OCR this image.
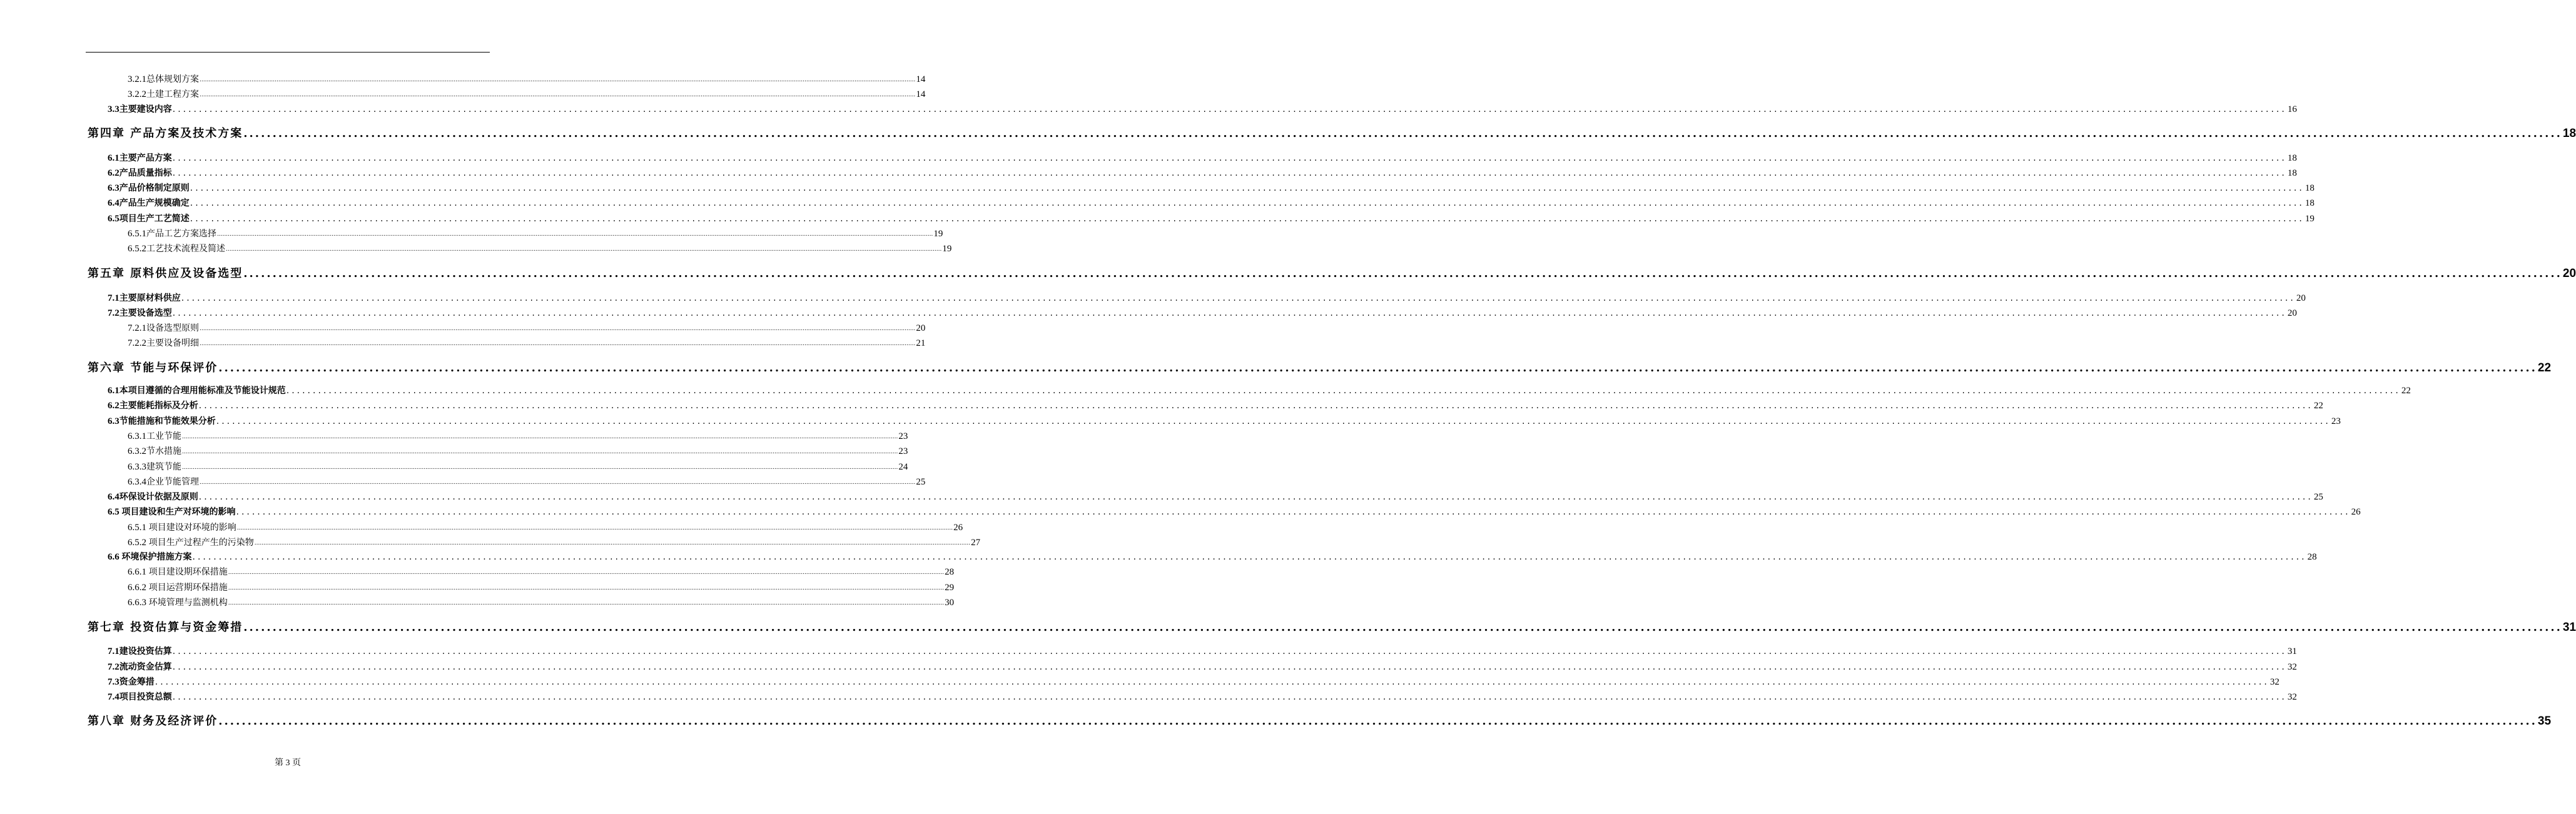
3.2.1总体规划方案 ................................................................................................................................................................................................................................................................................................................................................................................................................ 14
3.2.2土建工程方案 ................................................................................................................................................................................................................................................................................................................................................................................................................ 14
3.3主要建设内容 ................................................................................................................................................................................................................................................................................................................................................................................................................ 16
第四章 产品方案及技术方案 ................................................................................................................................................................................................................................................................................................................................................................................................................ 18
6.1主要产品方案 ................................................................................................................................................................................................................................................................................................................................................................................................................ 18
6.2产品质量指标 ................................................................................................................................................................................................................................................................................................................................................................................................................ 18
6.3产品价格制定原则 ................................................................................................................................................................................................................................................................................................................................................................................................................ 18
6.4产品生产规模确定 ................................................................................................................................................................................................................................................................................................................................................................................................................ 18
6.5项目生产工艺简述 ................................................................................................................................................................................................................................................................................................................................................................................................................ 19
6.5.1产品工艺方案选择 ................................................................................................................................................................................................................................................................................................................................................................................................................ 19
6.5.2工艺技术流程及简述 ................................................................................................................................................................................................................................................................................................................................................................................................................ 19
第五章 原料供应及设备选型 ................................................................................................................................................................................................................................................................................................................................................................................................................ 20
7.1主要原材料供应 ................................................................................................................................................................................................................................................................................................................................................................................................................ 20
7.2主要设备选型 ................................................................................................................................................................................................................................................................................................................................................................................................................ 20
7.2.1设备选型原则 ................................................................................................................................................................................................................................................................................................................................................................................................................ 20
7.2.2主要设备明细 ................................................................................................................................................................................................................................................................................................................................................................................................................ 21
第六章 节能与环保评价 ................................................................................................................................................................................................................................................................................................................................................................................................................ 22
6.1本项目遵循的合理用能标准及节能设计规范 ................................................................................................................................................................................................................................................................................................................................................................................................................ 22
6.2主要能耗指标及分析 ................................................................................................................................................................................................................................................................................................................................................................................................................ 22
6.3节能措施和节能效果分析 ................................................................................................................................................................................................................................................................................................................................................................................................................ 23
6.3.1工业节能 ................................................................................................................................................................................................................................................................................................................................................................................................................ 23
6.3.2节水措施 ................................................................................................................................................................................................................................................................................................................................................................................................................ 23
6.3.3建筑节能 ................................................................................................................................................................................................................................................................................................................................................................................................................ 24
6.3.4企业节能管理 ................................................................................................................................................................................................................................................................................................................................................................................................................ 25
6.4环保设计依据及原则 ................................................................................................................................................................................................................................................................................................................................................................................................................ 25
6.5 项目建设和生产对环境的影响 ................................................................................................................................................................................................................................................................................................................................................................................................................ 26
6.5.1 项目建设对环境的影响 ................................................................................................................................................................................................................................................................................................................................................................................................................ 26
6.5.2 项目生产过程产生的污染物 ................................................................................................................................................................................................................................................................................................................................................................................................................ 27
6.6 环境保护措施方案 ................................................................................................................................................................................................................................................................................................................................................................................................................ 28
6.6.1 项目建设期环保措施 ................................................................................................................................................................................................................................................................................................................................................................................................................ 28
6.6.2 项目运营期环保措施 ................................................................................................................................................................................................................................................................................................................................................................................................................ 29
6.6.3 环境管理与监测机构 ................................................................................................................................................................................................................................................................................................................................................................................................................ 30
第七章 投资估算与资金筹措 ................................................................................................................................................................................................................................................................................................................................................................................................................ 31
7.1建设投资估算 ................................................................................................................................................................................................................................................................................................................................................................................................................ 31
7.2流动资金估算 ................................................................................................................................................................................................................................................................................................................................................................................................................ 32
7.3资金筹措 ................................................................................................................................................................................................................................................................................................................................................................................................................ 32
7.4项目投资总额 ................................................................................................................................................................................................................................................................................................................................................................................................................ 32
第八章 财务及经济评价 ................................................................................................................................................................................................................................................................................................................................................................................................................ 35
第 3 页
